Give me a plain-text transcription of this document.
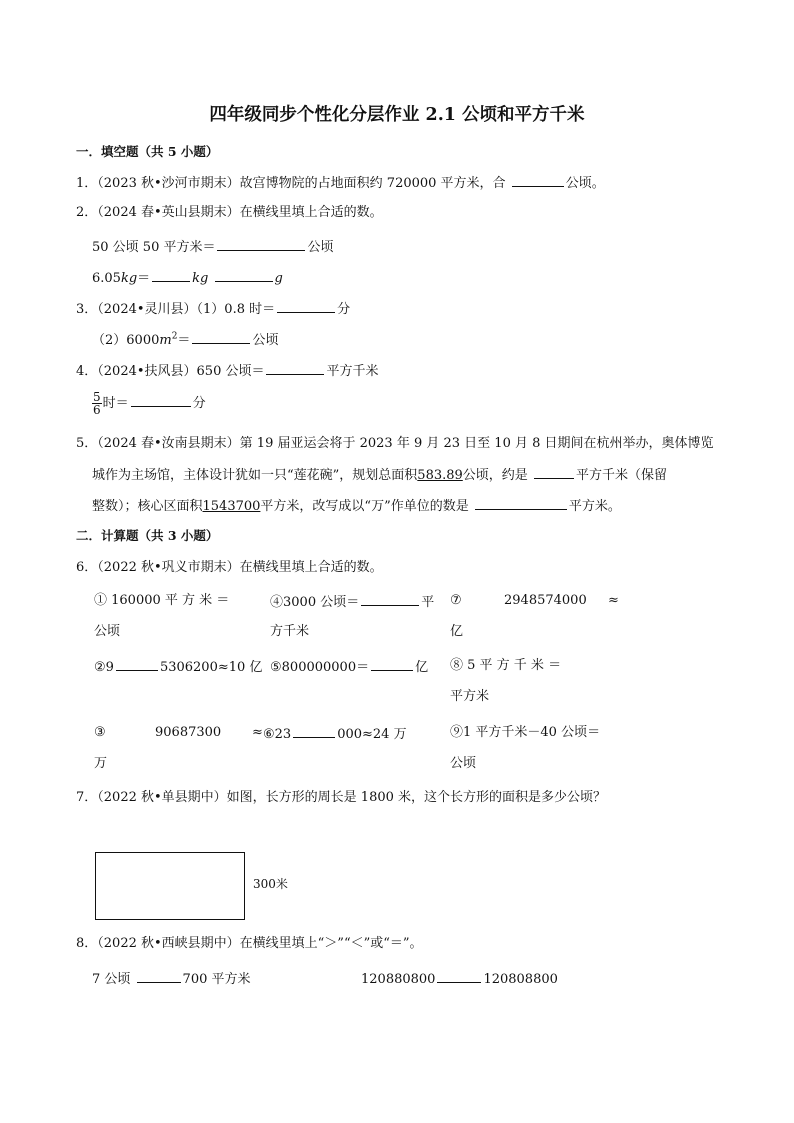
四年级同步个性化分层作业 2.1 公顷和平方千米
一．填空题（共 5 小题）
1．（2023 秋•沙河市期末）故宫博物院的占地面积约 720000 平方米，合	公顷。
2．（2024 春•英山县期末）在横线里填上合适的数。
50 公顷 50 平方米＝	公顷
6.05kg＝	kg	g
3．（2024•灵川县）（1）0.8 时＝	分
$(2)6000m^2=$	公顷
4．（2024•扶风县）650 公顷＝	平方千米
$\frac{5}{6}$ 时＝	分
5．（2024 春•汝南县期末）第 19 届亚运会将于 2023 年 9 月 23 日至 10 月 8 日期间在杭州举办，奥体博览
城作为主场馆，主体设计犹如一只“莲花碗”，规划总面积583.89公顷，约是	平方千米（保留
整数）；核心区面积1543700平方米，改写成以“万”作单位的数是	平方米。
二．计算题（共 3 小题）
6．（2022 秋•巩义市期末）在横线里填上合适的数。
① 160000 平 方 米 ＝
公顷
④3000 公顷＝	平
方千米
⑦	2948574000 ≈
亿
②9	5306200≈10 亿 ⑤800000000＝	亿 ⑧ 5 平 方 千 米 ＝
平方米
③	90687300 ≈
万
⑥23	000≈24 万	⑨1 平方千米－40 公顷＝
公顷
7．（2022 秋•单县期中）如图，长方形的周长是 1800 米，这个长方形的面积是多少公顷？
300米
8．（2022 秋•西峡县期中）在横线里填上“＞”“＜”或“＝”。
7 公顷	700 平方米	120880800	120808800
